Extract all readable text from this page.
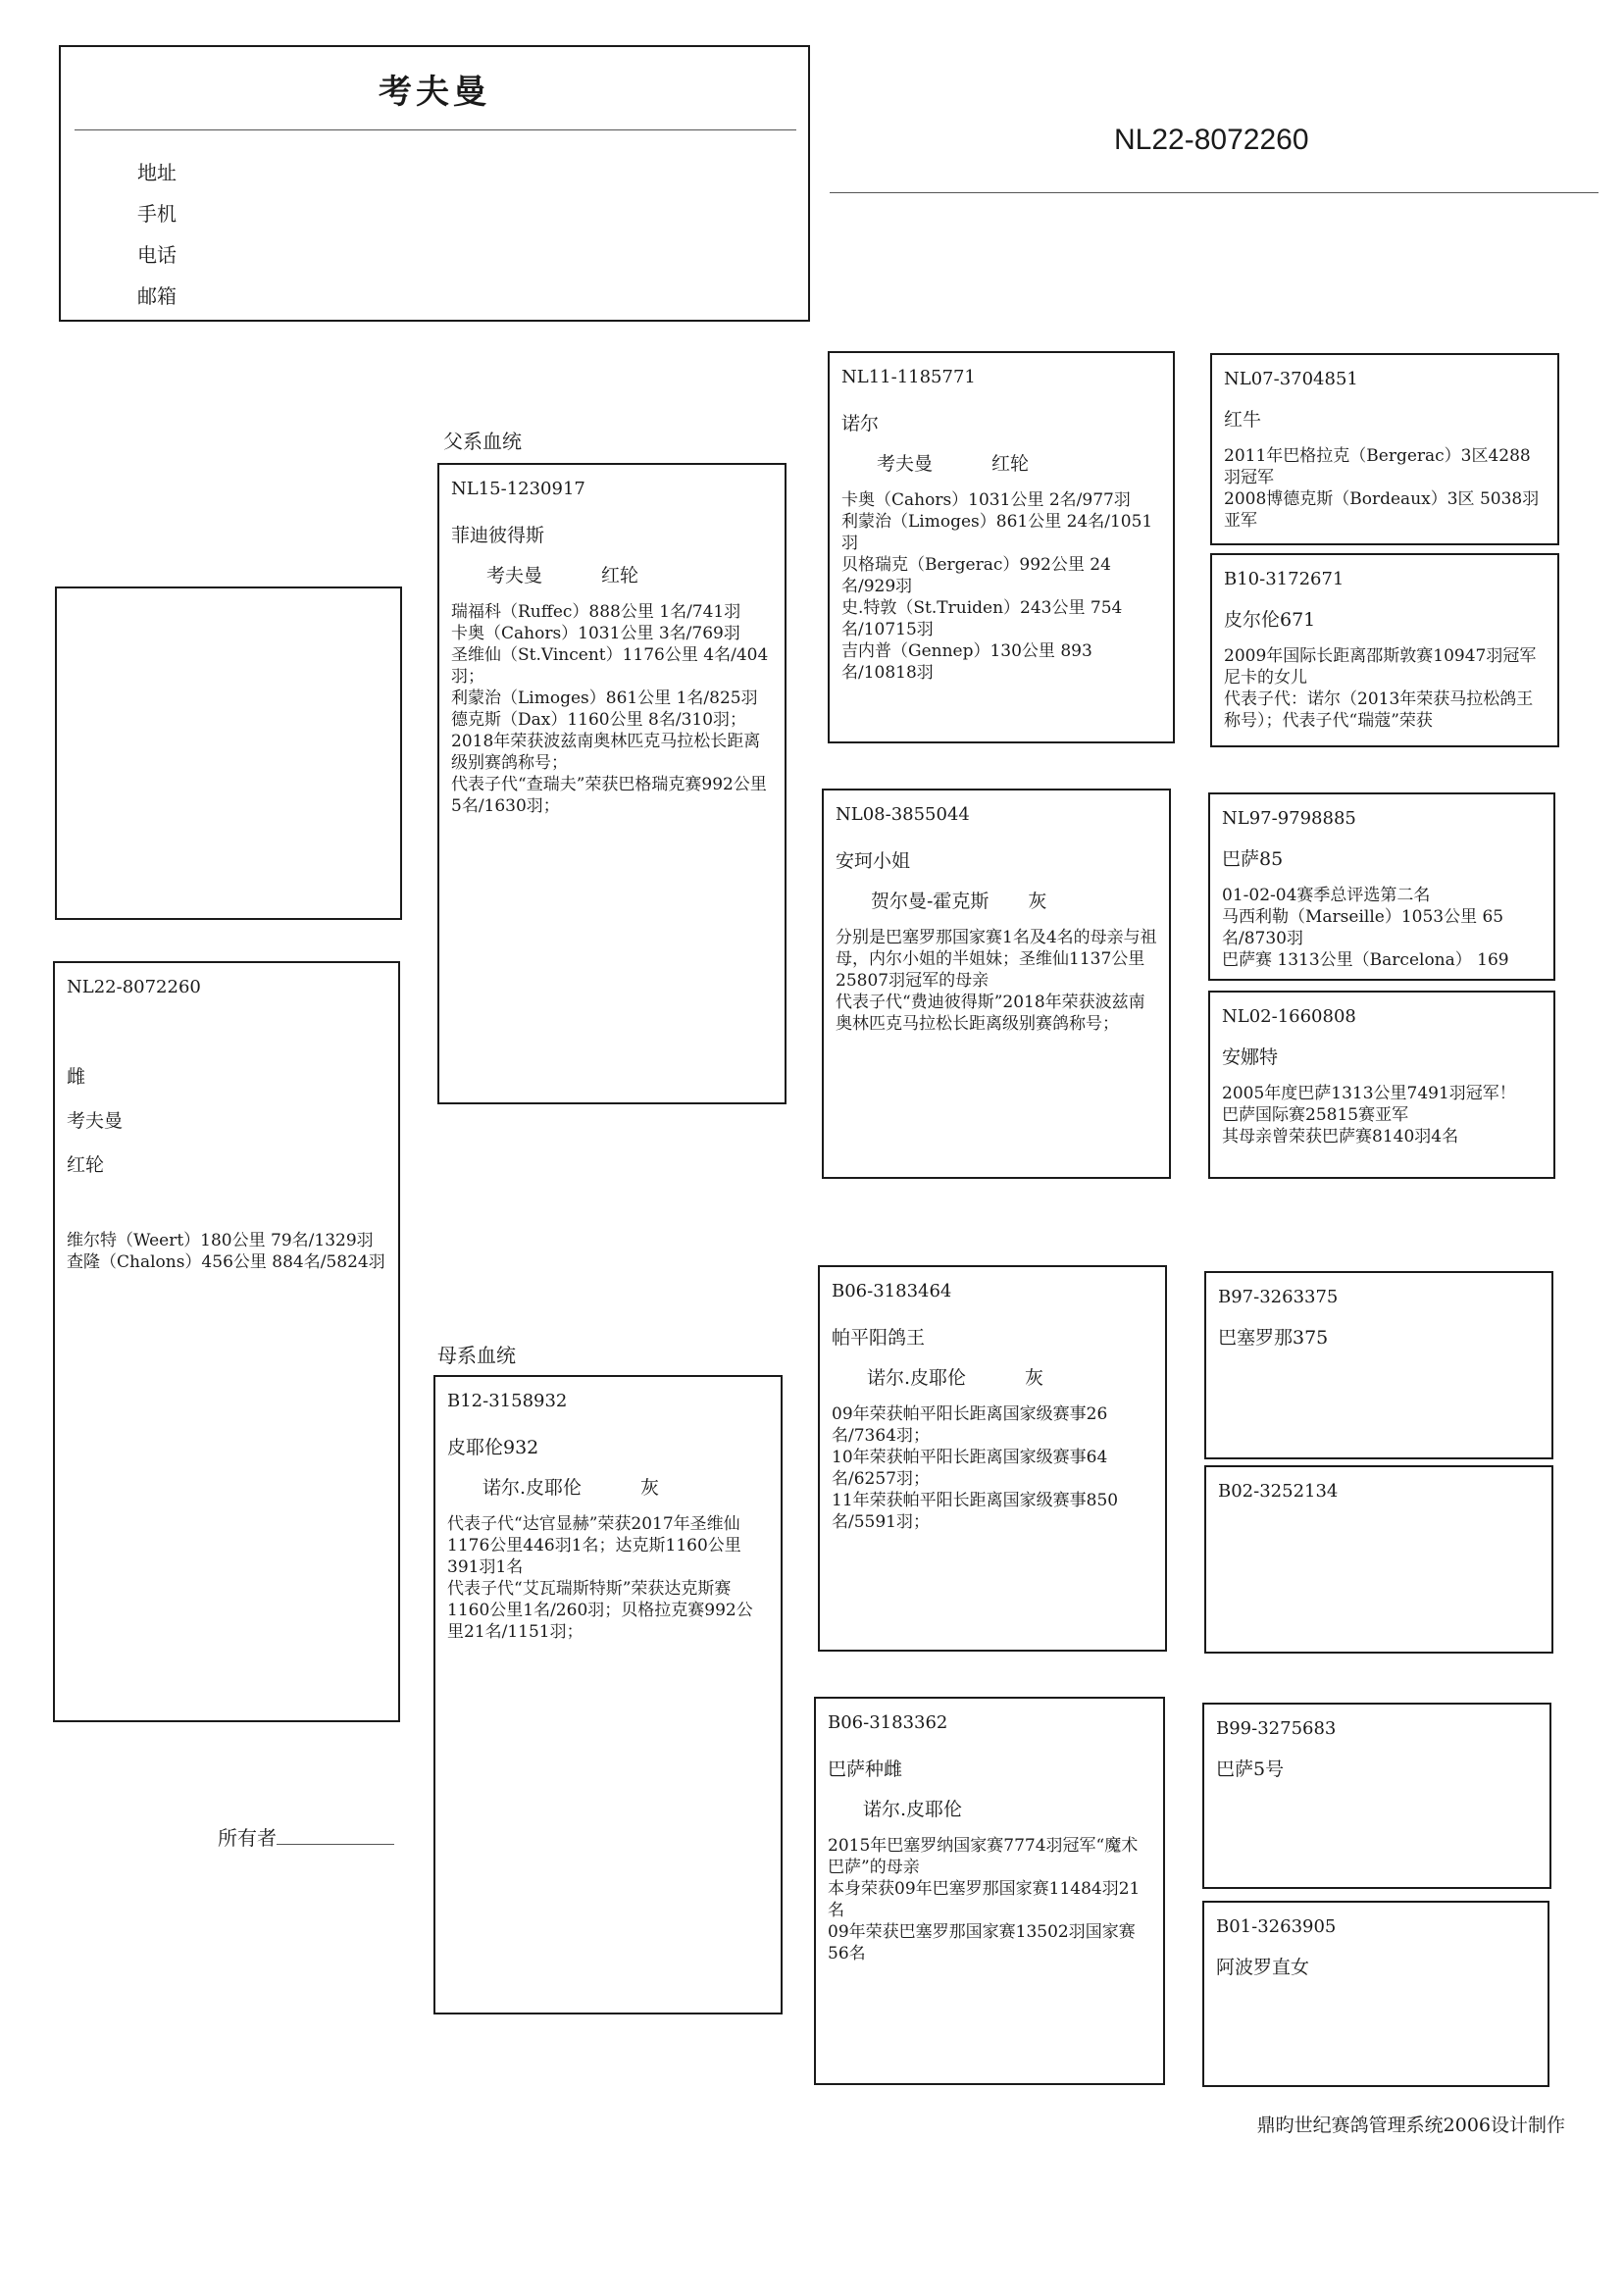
考夫曼
地址
手机
电话
邮箱
NL22-8072260
NL22-8072260
雌
考夫曼
红轮
维尔特（Weert）180公里 79名/1329羽
查隆（Chalons）456公里 884名/5824羽
父系血统
母系血统
NL15-1230917
菲迪彼得斯
考夫曼	红轮
瑞福科（Ruffec）888公里 1名/741羽
卡奥（Cahors）1031公里 3名/769羽
圣维仙（St.Vincent）1176公里 4名/404羽；
利蒙治（Limoges）861公里 1名/825羽
德克斯（Dax）1160公里 8名/310羽；
2018年荣获波兹南奥林匹克马拉松长距离级别赛鸽称号；
代表子代“查瑞夫”荣获巴格瑞克赛992公里5名/1630羽；
B12-3158932
皮耶伦932
诺尔.皮耶伦	灰
代表子代“达官显赫”荣获2017年圣维仙1176公里446羽1名；达克斯1160公里391羽1名
代表子代“艾瓦瑞斯特斯”荣获达克斯赛1160公里1名/260羽；贝格拉克赛992公里21名/1151羽；
NL11-1185771
诺尔
考夫曼	红轮
卡奥（Cahors）1031公里 2名/977羽
利蒙治（Limoges）861公里 24名/1051羽
贝格瑞克（Bergerac）992公里 24名/929羽
史.特敦（St.Truiden）243公里 754名/10715羽
吉内普（Gennep）130公里 893名/10818羽
NL08-3855044
安珂小姐
贺尔曼-霍克斯 灰
分别是巴塞罗那国家赛1名及4名的母亲与祖母，内尔小姐的半姐妹；圣维仙1137公里25807羽冠军的母亲
代表子代“费迪彼得斯”2018年荣获波兹南奥林匹克马拉松长距离级别赛鸽称号；
B06-3183464
帕平阳鸽王
诺尔.皮耶伦	灰
09年荣获帕平阳长距离国家级赛事26名/7364羽；
10年荣获帕平阳长距离国家级赛事64名/6257羽；
11年荣获帕平阳长距离国家级赛事850名/5591羽；
B06-3183362
巴萨种雌
诺尔.皮耶伦
2015年巴塞罗纳国家赛7774羽冠军“魔术巴萨”的母亲
本身荣获09年巴塞罗那国家赛11484羽21名
09年荣获巴塞罗那国家赛13502羽国家赛56名
NL07-3704851
红牛
2011年巴格拉克（Bergerac）3区4288羽冠军
2008博德克斯（Bordeaux）3区 5038羽 亚军
B10-3172671
皮尔伦671
2009年国际长距离邵斯敦赛10947羽冠军尼卡的女儿
代表子代：诺尔（2013年荣获马拉松鸽王称号）；代表子代“瑞蔻”荣获
NL97-9798885
巴萨85
01-02-04赛季总评选第二名
马西利勒（Marseille）1053公里 65名/8730羽
巴萨赛 1313公里（Barcelona） 169
NL02-1660808
安娜特
2005年度巴萨1313公里7491羽冠军！
巴萨国际赛25815赛亚军
其母亲曾荣获巴萨赛8140羽4名
B97-3263375
巴塞罗那375
B02-3252134
B99-3275683
巴萨5号
B01-3263905
阿波罗直女
所有者
鼎昀世纪赛鸽管理系统2006设计制作
